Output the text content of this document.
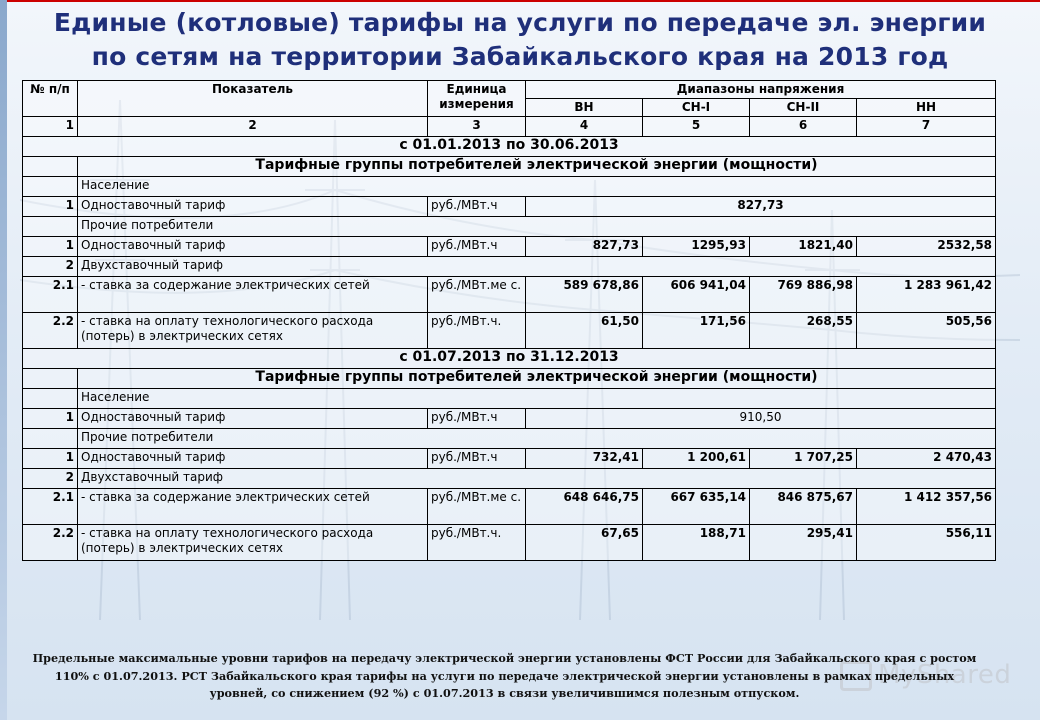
Единые (котловые) тарифы на услуги по передаче эл. энергии
по сетям на территории Забайкальского края на 2013 год
№ п/п	Показатель	Единица измерения	Диапазоны напряжения			
			ВН	СН-I	СН-II	НН
1	2	3	4	5	6	7
с 01.01.2013 по 30.06.2013						
	Тарифные группы потребителей электрической энергии (мощности)					
	Население					
1	Одноставочный тариф	руб./МВт.ч	827,73			
	Прочие потребители					
1	Одноставочный тариф	руб./МВт.ч	827,73	1295,93	1821,40	2532,58
2	Двухставочный тариф					
2.1	- ставка за содержание электрических сетей	руб./МВт.ме с.	589 678,86	606 941,04	769 886,98	1 283 961,42
2.2	- ставка на оплату технологического расхода (потерь) в электрических сетях	руб./МВт.ч.	61,50	171,56	268,55	505,56
с 01.07.2013 по 31.12.2013						
	Тарифные группы потребителей электрической энергии (мощности)					
	Население					
1	Одноставочный тариф	руб./МВт.ч	910,50			
	Прочие потребители					
1	Одноставочный тариф	руб./МВт.ч	732,41	1 200,61	1 707,25	2 470,43
2	Двухставочный тариф					
2.1	- ставка за содержание электрических сетей	руб./МВт.ме с.	648 646,75	667 635,14	846 875,67	1 412 357,56
2.2	- ставка на оплату технологического расхода (потерь) в электрических сетях	руб./МВт.ч.	67,65	188,71	295,41	556,11
MyShared
Предельные максимальные уровни тарифов на передачу электрической энергии установлены ФСТ России для Забайкальского края с ростом
110% с 01.07.2013. РСТ Забайкальского края тарифы на услуги по передаче электрической энергии установлены в рамках предельных
уровней, со снижением (92 %) с 01.07.2013 в связи увеличившимся полезным отпуском.
